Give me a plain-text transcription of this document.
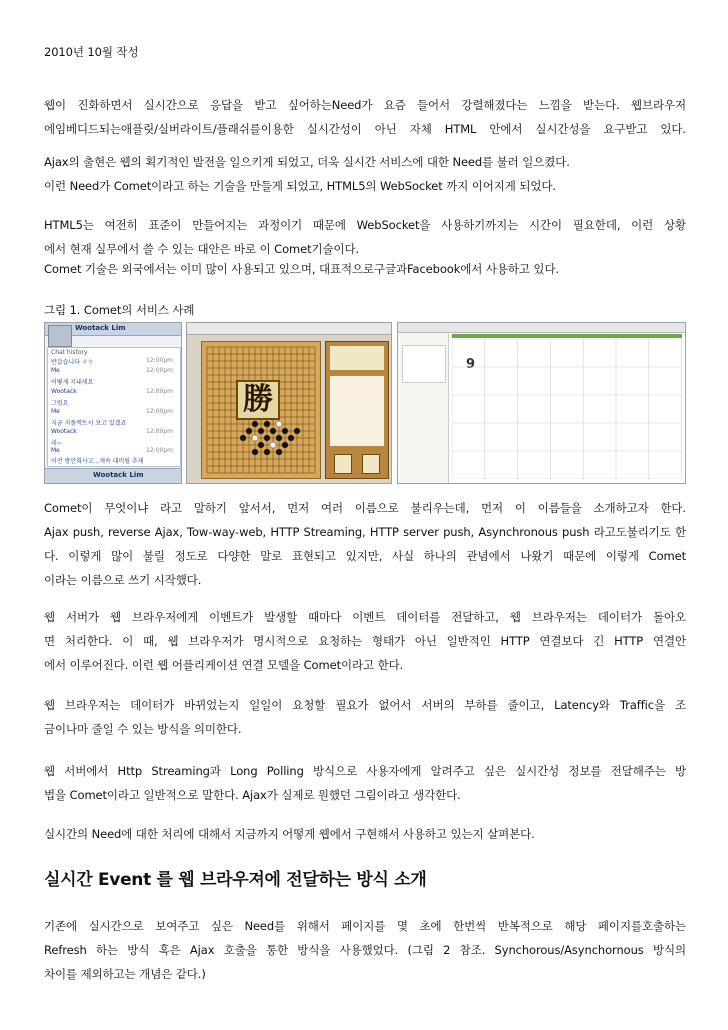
2010년 10월 작성
웹이 진화하면서 실시간으로 응답을 받고 싶어하는Need가 요즘 들어서 강렬해졌다는 느낌을 받는다. 웹브라우저
에임베디드되는애플릿/실버라이트/플래쉬를이용한 실시간성이 아닌 자체 HTML 안에서 실시간성을 요구받고 있다.
Ajax의 출현은 웹의 획기적인 발전을 일으키게 되었고, 더욱 실시간 서비스에 대한 Need를 불러 일으켰다.
이런 Need가 Comet이라고 하는 기술을 만들게 되었고, HTML5의 WebSocket 까지 이어지게 되었다.
HTML5는 여전히 표준이 만들어지는 과정이기 때문에 WebSocket을 사용하기까지는 시간이 필요한데, 이런 상황
에서 현재 실무에서 쓸 수 있는 대안은 바로 이 Comet기술이다.
Comet 기술은 외국에서는 이미 많이 사용되고 있으며, 대표적으로구글과Facebook에서 사용하고 있다.
그림 1. Comet의 서비스 사례
Comet이 무엇이냐 라고 말하기 앞서서, 먼저 여러 이름으로 불리우는데, 먼저 이 이름들을 소개하고자 한다.
Ajax push, reverse Ajax, Tow-way-web, HTTP Streaming, HTTP server push, Asynchronous push 라고도불리기도 한
다. 이렇게 많이 불릴 정도로 다양한 말로 표현되고 있지만, 사실 하나의 관념에서 나왔기 때문에 이렇게 Comet
이라는 이름으로 쓰기 시작했다.
웹 서버가 웹 브라우저에게 이벤트가 발생할 때마다 이벤트 데이터를 전달하고, 웹 브라우저는 데이터가 돌아오
면 처리한다. 이 때, 웹 브라우저가 명시적으로 요청하는 형태가 아닌 일반적인 HTTP 연결보다 긴 HTTP 연결안
에서 이루어진다. 이런 웹 어플리케이션 연결 모델을 Comet이라고 한다.
웹 브라우저는 데이터가 바뀌었는지 일일이 요청할 필요가 없어서 서버의 부하를 줄이고, Latency와 Traffic을 조
금이나마 줄일 수 있는 방식을 의미한다.
웹 서버에서 Http Streaming과 Long Polling 방식으로 사용자에게 알려주고 싶은 실시간성 정보를 전달해주는 방
법을 Comet이라고 일반적으로 말한다. Ajax가 실제로 원했던 그림이라고 생각한다.
실시간의 Need에 대한 처리에 대해서 지금까지 어떻게 웹에서 구현해서 사용하고 있는지 살펴본다.
실시간 Event 를 웹 브라우져에 전달하는 방식 소개
기존에 실시간으로 보여주고 싶은 Need를 위해서 페이지를 몇 초에 한번씩 반복적으로 해당 페이지를호출하는
Refresh 하는 방식 혹은 Ajax 호출을 통한 방식을 사용했었다. (그림 2 참조. Synchorous/Asynchornous 방식의
차이를 제외하고는 개념은 같다.)
Wootack Lim
Chat history
반갑습니다 ㅎㅎ	12:00pm
Me	12:00pm
어떻게 지내세요
Wootack	12:00pm
그럼요
Me	12:00pm
지금 지플렉트서 보고 있겠죠
Wootack	12:00pm
네~
Me	12:00pm
이전 방안회사고...계속 대비될 추세
Wootack Lim
勝
9
